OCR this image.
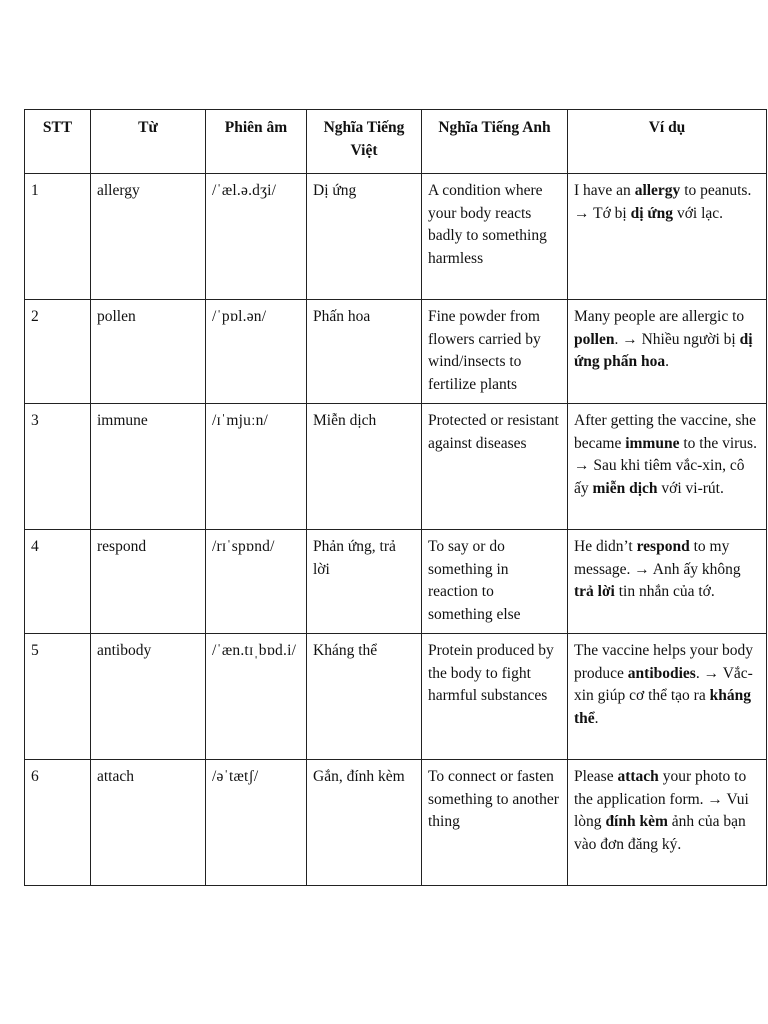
STT	Từ	Phiên âm	Nghĩa Tiếng Việt	Nghĩa Tiếng Anh	Ví dụ
1	allergy	/ˈæl.ə.dʒi/	Dị ứng	A condition where your body reacts badly to something harmless	I have an allergy to peanuts. → Tớ bị dị ứng với lạc.
2	pollen	/ˈpɒl.ən/	Phấn hoa	Fine powder from flowers carried by wind/insects to fertilize plants	Many people are allergic to pollen. → Nhiều người bị dị ứng phấn hoa.
3	immune	/ɪˈmjuːn/	Miễn dịch	Protected or resistant against diseases	After getting the vaccine, she became immune to the virus. → Sau khi tiêm vắc-xin, cô ấy miễn dịch với vi-rút.
4	respond	/rɪˈspɒnd/	Phản ứng, trả lời	To say or do something in reaction to something else	He didn’t respond to my message. → Anh ấy không trả lời tin nhắn của tớ.
5	antibody	/ˈæn.tɪˌbɒd.i/	Kháng thể	Protein produced by the body to fight harmful substances	The vaccine helps your body produce antibodies. → Vắc-xin giúp cơ thể tạo ra kháng thể.
6	attach	/əˈtætʃ/	Gắn, đính kèm	To connect or fasten something to another thing	Please attach your photo to the application form. → Vui lòng đính kèm ảnh của bạn vào đơn đăng ký.
